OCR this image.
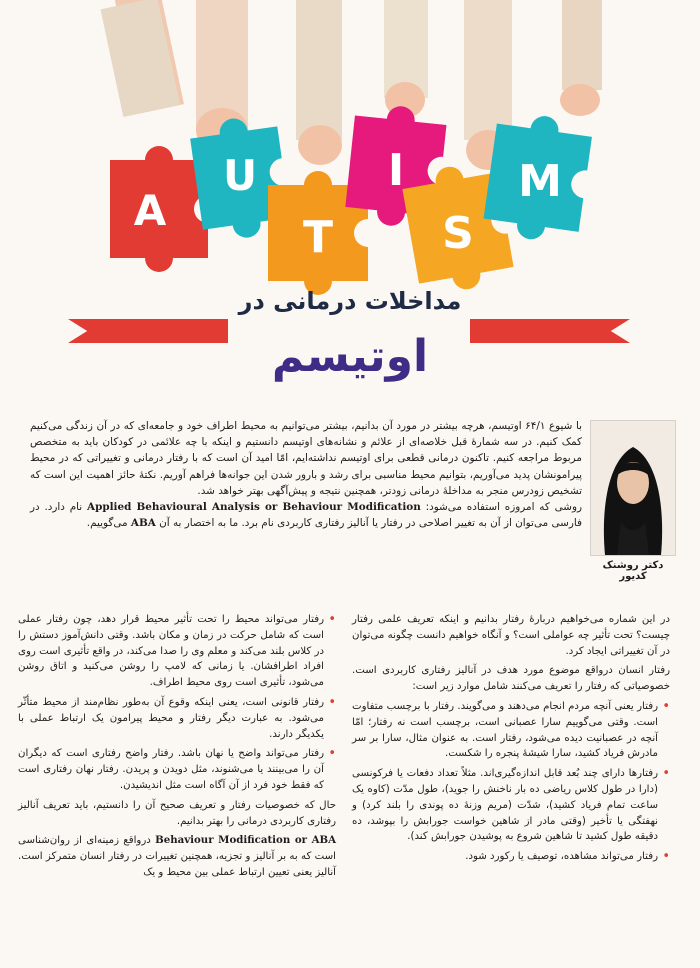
A
U
T
I
S
M
مداخلات درمانی در
اوتیسم
دکتر روشنک کدیور

با شیوع ۶۴/۱ اوتیسم، هرچه بیشتر در مورد آن بدانیم، بیشتر می‌توانیم به محیط اطراف خود و جامعه‌ای که در آن زندگی می‌کنیم کمک کنیم. در سه شمارهٔ قبل خلاصه‌ای از علائم و نشانه‌های اوتیسم دانستیم و اینکه با چه علائمی در کودکان باید به متخصص مربوط مراجعه کنیم. تاکنون درمانی قطعی برای اوتیسم نداشته‌ایم، امّا امید آن است که با رفتار درمانی و تغییراتی که در محیط پیرامونشان پدید می‌آوریم، بتوانیم محیط مناسبی برای رشد و بارور شدن این جوانه‌ها فراهم آوریم. نکتهٔ حائز اهمیت این است که تشخیص زودرس منجر به مداخلهٔ درمانی زودتر، همچنین نتیجه و پیش‌آگهی بهتر خواهد شد.

روشی که امروزه استفاده می‌شود: Applied Behavioural Analysis or Behaviour Modification نام دارد. در فارسی می‌توان از آن به تغییر اصلاحی در رفتار یا آنالیز رفتاری کاربردی نام برد. ما به اختصار به آن ABA می‌گوییم.

در این شماره می‌خواهیم دربارهٔ رفتار بدانیم و اینکه تعریف علمی رفتار چیست؟ تحت تأثیر چه عواملی است؟ و آنگاه خواهیم دانست چگونه می‌توان در آن تغییراتی ایجاد کرد.

رفتار انسان درواقع موضوع مورد هدف در آنالیز رفتاری کاربردی است. خصوصیاتی که رفتار را تعریف می‌کنند شامل موارد زیر است:

•
رفتار یعنی آنچه مردم انجام می‌دهند و می‌گویند. رفتار با برچسب متفاوت است. وقتی می‌گوییم سارا عصبانی است، برچسب است نه رفتار؛ امّا آنچه در عصبانیت دیده می‌شود، رفتار است. به عنوان مثال، سارا بر سر مادرش فریاد کشید، سارا شیشهٔ پنجره را شکست.

•
رفتارها دارای چند بُعد قابل اندازه‌گیری‌اند. مثلاً تعداد دفعات یا فرکونسی (دارا در طول کلاس ریاضی ده بار ناخنش را جوید)، طول مدّت (کاوه یک ساعت تمام فریاد کشید)، شدّت (مریم وزنهٔ ده پوندی را بلند کرد) و نهفتگی یا تأخیر (وقتی مادر از شاهین خواست جورابش را بپوشد، ده دقیقه طول کشید تا شاهین شروع به پوشیدن جورابش کند).

•
رفتار می‌تواند مشاهده، توصیف یا رکورد شود.

•
رفتار می‌تواند محیط را تحت تأثیر محیط قرار دهد، چون رفتار عملی است که شامل حرکت در زمان و مکان باشد. وقتی دانش‌آموز دستش را در کلاس بلند می‌کند و معلم وی را صدا می‌کند، در واقع تأثیری است روی افراد اطرافشان. یا زمانی که لامپ را روشن می‌کنید و اتاق روشن می‌شود، تأثیری است روی محیط اطراف.

•
رفتار قانونی است، یعنی اینکه وقوع آن به‌طور نظام‌مند از محیط متأثّر می‌شود. به عبارت دیگر رفتار و محیط پیرامون یک ارتباط عملی با یکدیگر دارند.

•
رفتار می‌تواند واضح یا نهان باشد. رفتار واضح رفتاری است که دیگران آن را می‌بینند یا می‌شنوند، مثل دویدن و پریدن. رفتار نهان رفتاری است که فقط خود فرد از آن آگاه است مثل اندیشیدن.

حال که خصوصیات رفتار و تعریف صحیح آن را دانستیم، باید تعریف آنالیز رفتاری کاربردی درمانی را بهتر بدانیم.

Behaviour Modification or ABA درواقع زمینه‌ای از روان‌شناسی است که به بر آنالیز و تجزیه، همچنین تغییرات در رفتار انسان متمرکز است. آنالیز یعنی تعیین ارتباط عملی بین محیط و یک
